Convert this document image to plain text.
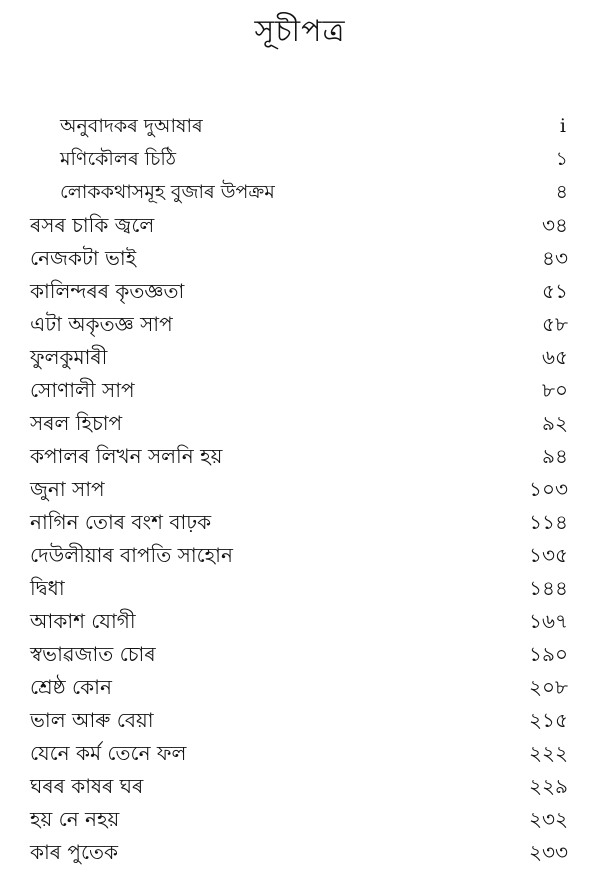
সূচীপত্ৰ
অনুবাদকৰ দুআষাৰ	i
মণিকৌলৰ চিঠি	১
লোককথাসমূহ বুজাৰ উপক্ৰম	৪
ৰসৰ চাকি জ্বলে	৩৪
নেজকটা ভাই	৪৩
কালিন্দৰৰ কৃতজ্ঞতা	৫১
এটা অকৃতজ্ঞ সাপ	৫৮
ফুলকুমাৰী	৬৫
সোণালী সাপ	৮০
সৰল হিচাপ	৯২
কপালৰ লিখন সলনি হয়	৯৪
জুনা সাপ	১০৩
নাগিন তোৰ বংশ বাঢ়ক	১১৪
দেউলীয়াৰ বাপতি সাহোন	১৩৫
দ্বিধা	১৪৪
আকাশ যোগী	১৬৭
স্বভাৱজাত চোৰ	১৯০
শ্ৰেষ্ঠ কোন	২০৮
ভাল আৰু বেয়া	২১৫
যেনে কৰ্ম তেনে ফল	২২২
ঘৰৰ কাষৰ ঘৰ	২২৯
হয় নে নহয়	২৩২
কাৰ পুতেক	২৩৩
